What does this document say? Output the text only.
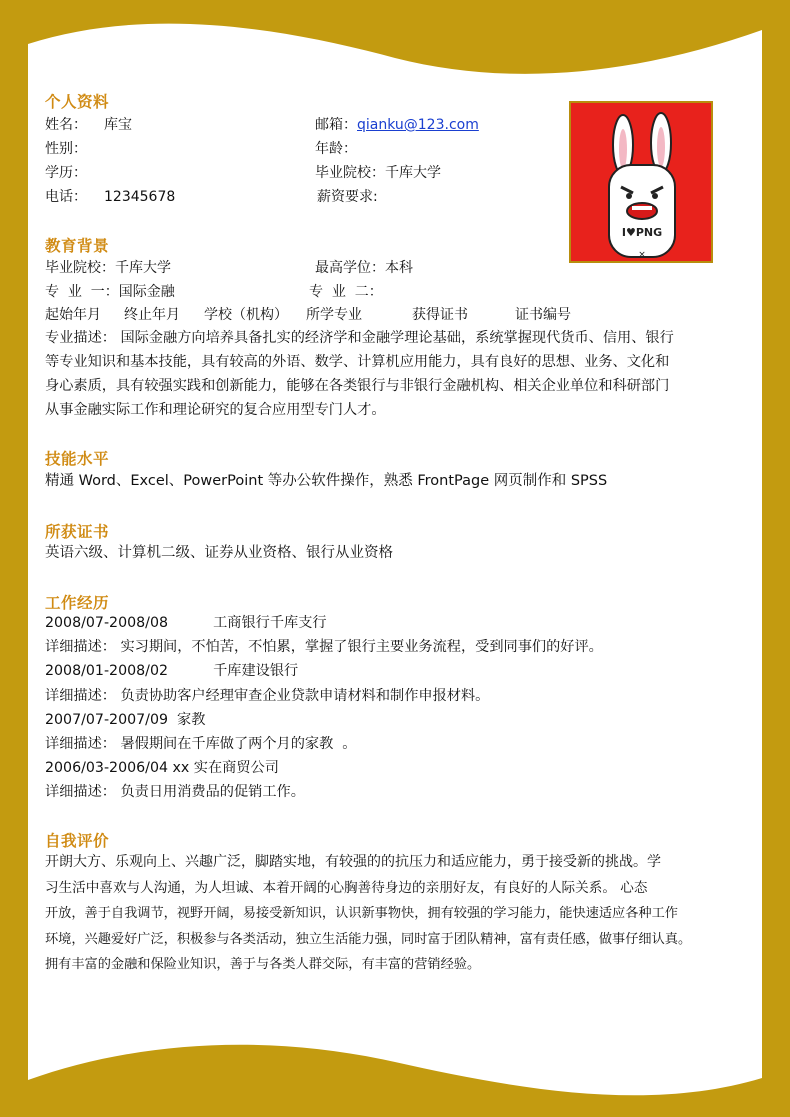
个人资料
姓名： 库宝	邮箱： qianku@123.com
性别：	年龄：
学历：	毕业院校：千库大学
电话： 12345678	薪资要求:
I♥PNG
×
教育背景
毕业院校：千库大学	最高学位：本科
专  业  一：国际金融	专  业  二：
起始年月 终止年月 学校（机构） 所学专业	获得证书	证书编号
专业描述： 国际金融方向培养具备扎实的经济学和金融学理论基础，系统掌握现代货币、信用、银行
等专业知识和基本技能，具有较高的外语、数学、计算机应用能力，具有良好的思想、业务、文化和
身心素质，具有较强实践和创新能力，能够在各类银行与非银行金融机构、相关企业单位和科研部门
从事金融实际工作和理论研究的复合应用型专门人才。
技能水平
精通 Word、Excel、PowerPoint 等办公软件操作，熟悉 FrontPage 网页制作和 SPSS
所获证书
英语六级、计算机二级、证券从业资格、银行从业资格
工作经历
2008/07-2008/08          工商银行千库支行
详细描述： 实习期间，不怕苦，不怕累，掌握了银行主要业务流程，受到同事们的好评。
2008/01-2008/02          千库建设银行
详细描述： 负责协助客户经理审查企业贷款申请材料和制作申报材料。
2007/07-2007/09  家教
详细描述： 暑假期间在千库做了两个月的家教  。
2006/03-2006/04 xx 实在商贸公司
详细描述： 负责日用消费品的促销工作。
自我评价
开朗大方、乐观向上、兴趣广泛，脚踏实地，有较强的的抗压力和适应能力，勇于接受新的挑战。学
习生活中喜欢与人沟通，为人坦诚、本着开阔的心胸善待身边的亲朋好友，有良好的人际关系。 心态
开放，善于自我调节，视野开阔，易接受新知识，认识新事物快，拥有较强的学习能力，能快速适应各种工作
环境，兴趣爱好广泛，积极参与各类活动，独立生活能力强，同时富于团队精神，富有责任感，做事仔细认真。
拥有丰富的金融和保险业知识，善于与各类人群交际，有丰富的营销经验。
